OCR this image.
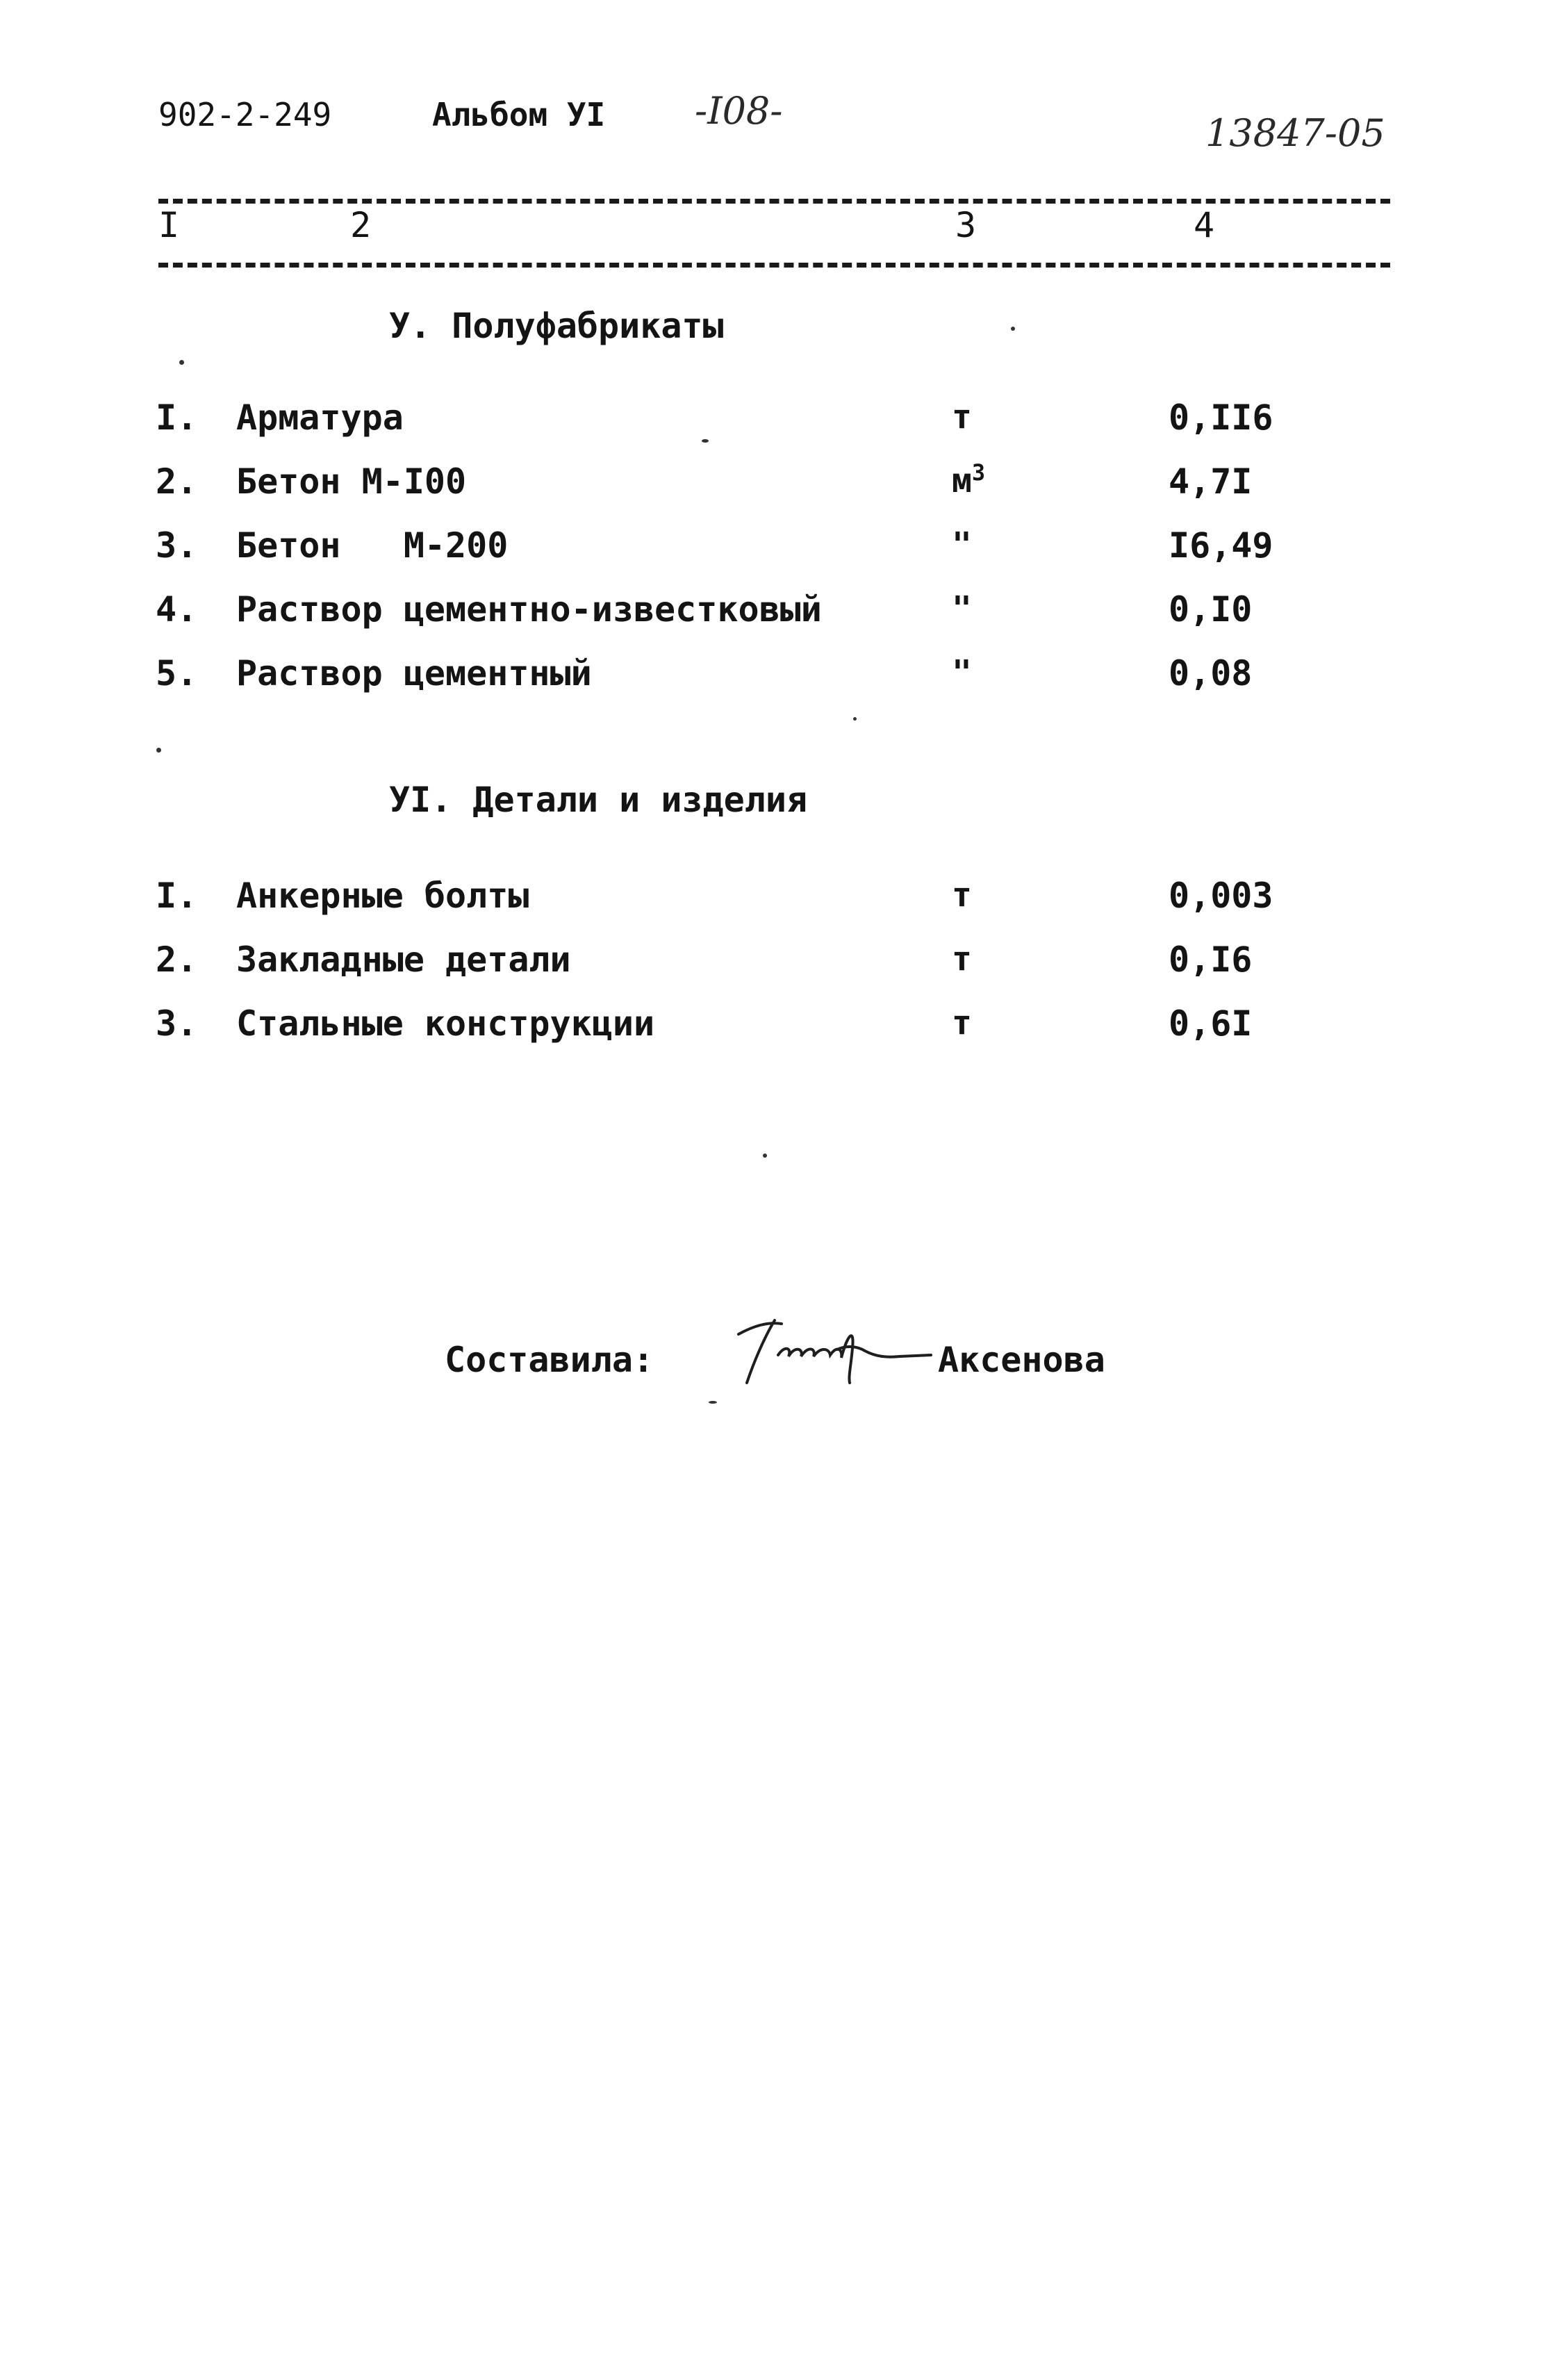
902-2-249	Альбом УІ -І08-
13847-05
І	2	3	4
У. Полуфабрикаты
І. Арматура	т	0,ІІ6
2. Бетон М-І00	$м^3$	4,7І
3. Бетон   М-200	"	І6,49
4. Раствор цементно-известковый	"	0,І0
5. Раствор цементный	"	0,08
УІ. Детали и изделия
І. Анкерные болты	т	0,003
2. Закладные детали	т	0,І6
3. Стальные конструкции	т	0,6І
Составила:
Аксенов
Аксенова
